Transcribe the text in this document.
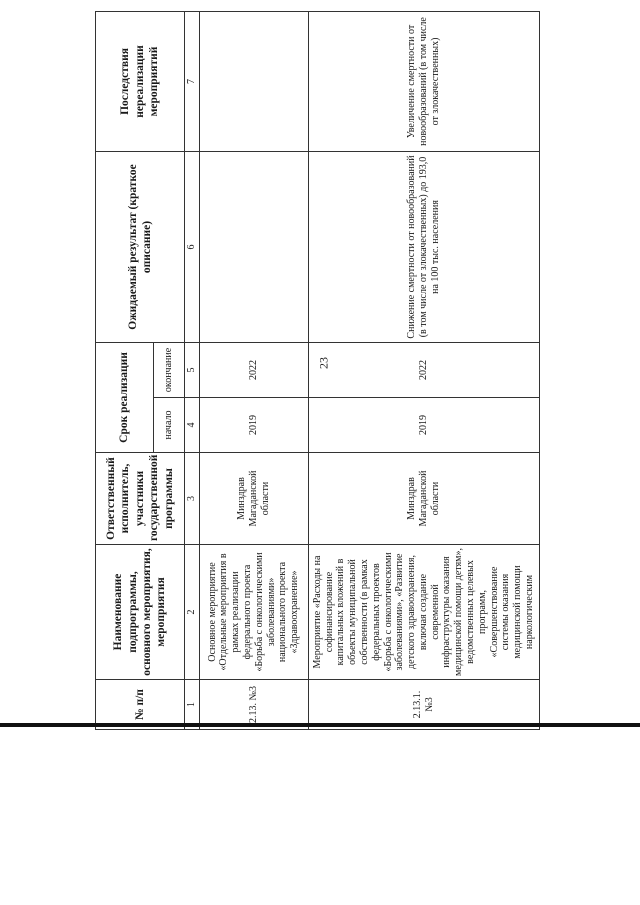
23
№ п/п	Наименование подпрограммы, основного мероприятия, мероприятия	Ответственный исполнитель, участники государственной программы	Срок реализации		Ожидаемый результат (краткое описание)	Последствия нереализации мероприятий
			начало	окончание		
1	2	3	4	5	6	7
2.13. №3	Основное мероприятие «Отдельные мероприятия в рамках реализации федерального проекта «Борьба с онкологическими заболеваниями» национального проекта «Здравоохранение»	Минздрав Магаданской области	2019	2022		
2.13.1. №3	Мероприятие «Расходы на софинансирование капитальных вложений в объекты муниципальной собственности (в рамках федеральных проектов «Борьба с онкологическими заболеваниями», «Развитие детского здравоохранения, включая создание современной инфраструктуры оказания медицинской помощи детям», ведомственных целевых программ, «Совершенствование системы оказания медицинской помощи наркологическим	Минздрав Магаданской области	2019	2022	Снижение смертности от новообразований (в том числе от злокачественных) до 193,0 на 100 тыс. населения	Увеличение смертности от новообразований (в том числе от злокачественных)
